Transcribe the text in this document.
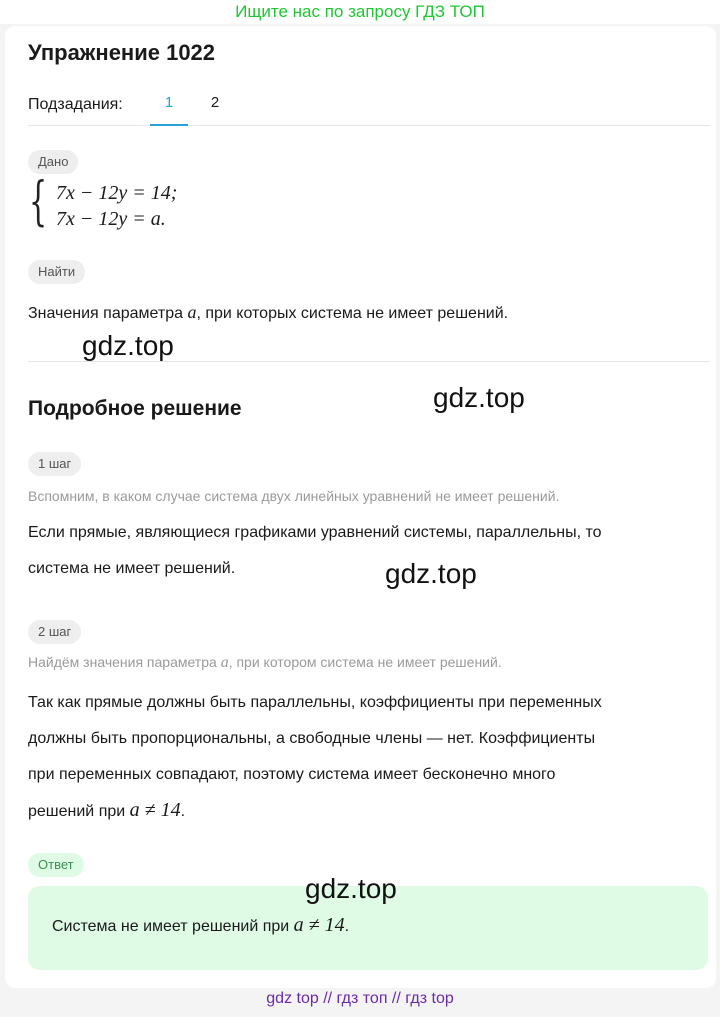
Ищите нас по запросу ГДЗ ТОП
Упражнение 1022
Подзадания:	1	2
Дано
{ 7x − 12y = 14;
7x − 12y = a.
Найти
Значения параметра a, при которых система не имеет решений.
Подробное решение
1 шаг
Вспомним, в каком случае система двух линейных уравнений не имеет решений.
Если прямые, являющиеся графиками уравнений системы, параллельны, то
система не имеет решений.
2 шаг
Найдём значения параметра a, при котором система не имеет решений.
Так как прямые должны быть параллельны, коэффициенты при переменных
должны быть пропорциональны, а свободные члены — нет. Коэффициенты
при переменных совпадают, поэтому система имеет бесконечно много
решений при a ≠ 14.
Ответ
Система не имеет решений при a ≠ 14.
gdz.top
gdz.top
gdz.top
gdz.top
gdz top // гдз топ // гдз top
